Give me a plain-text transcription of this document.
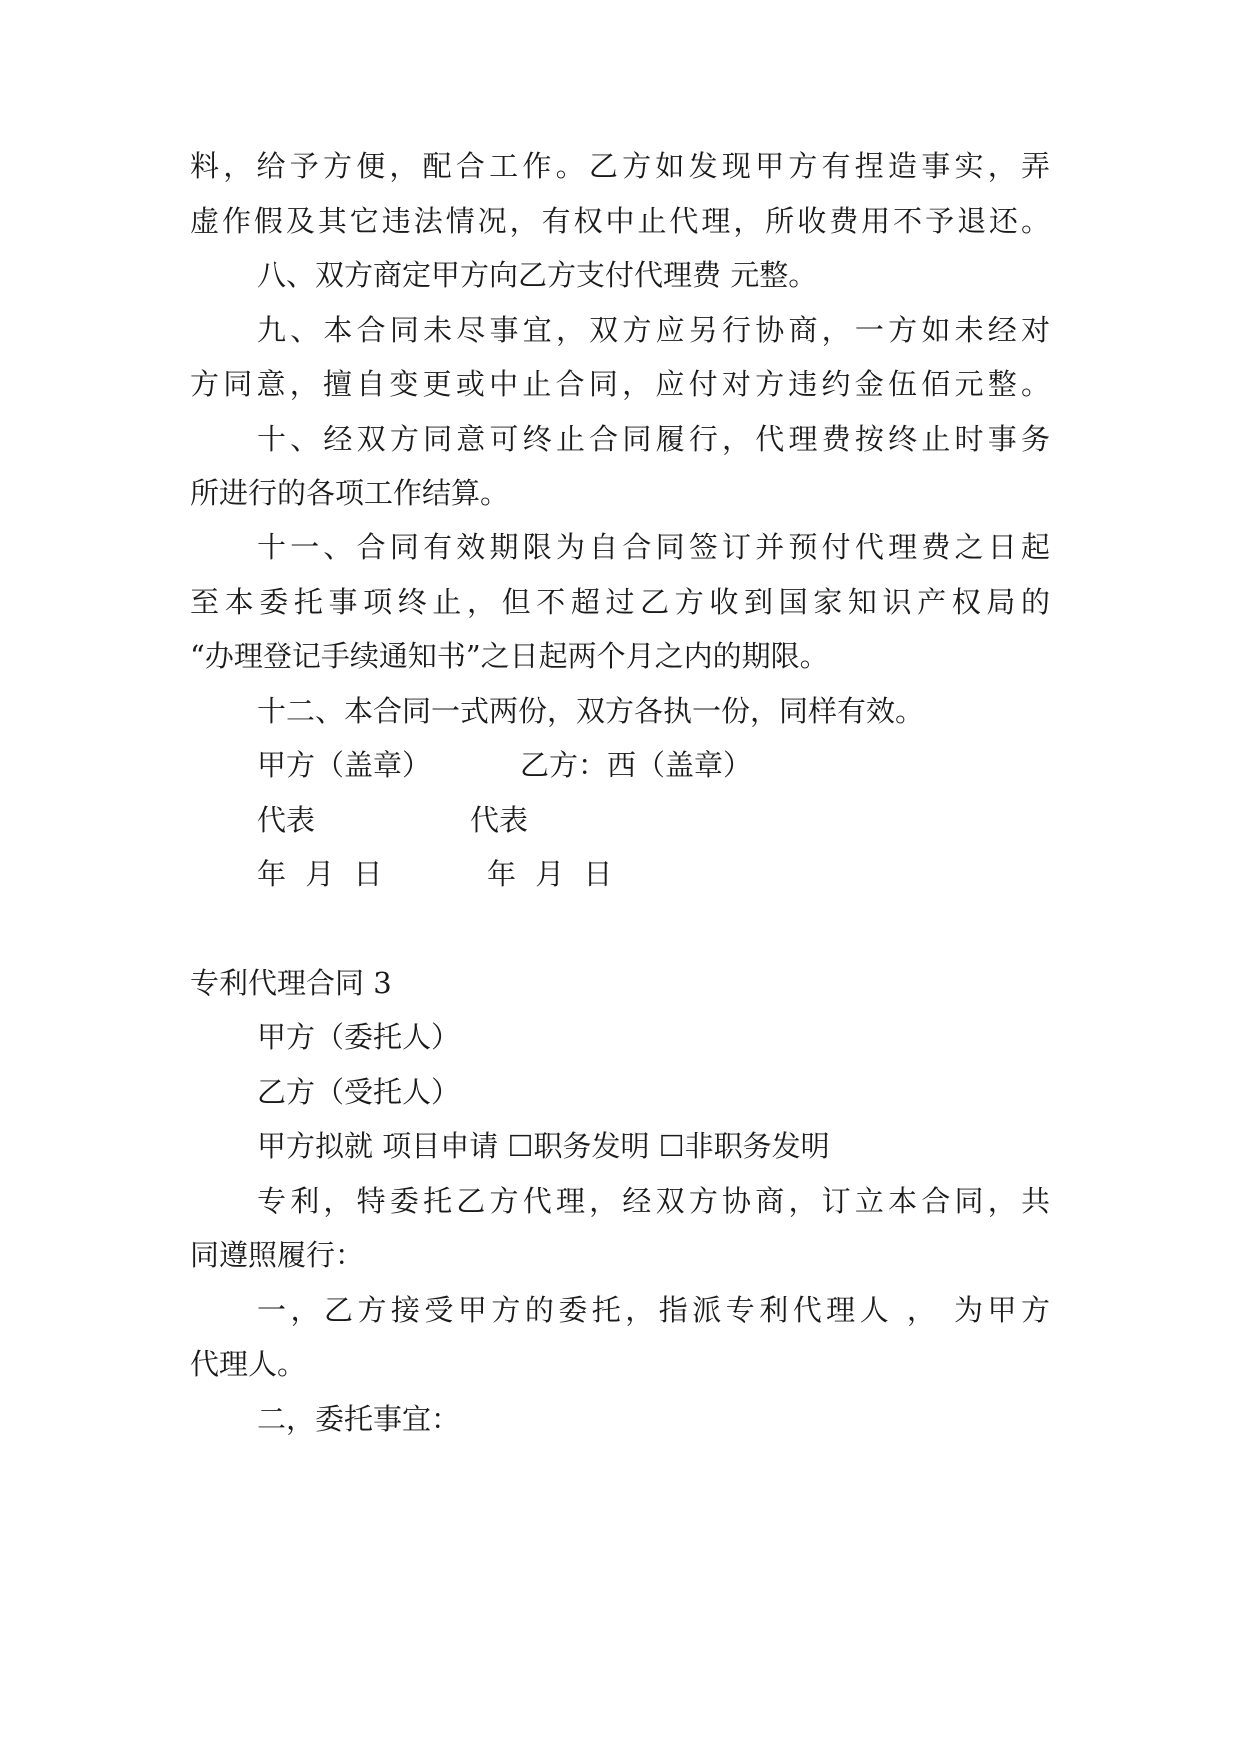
料，给予方便，配合工作。乙方如发现甲方有捏造事实，弄
虚作假及其它违法情况，有权中止代理，所收费用不予退还。
八、双方商定甲方向乙方支付代理费 元整。
九、本合同未尽事宜，双方应另行协商，一方如未经对
方同意，擅自变更或中止合同，应付对方违约金伍佰元整。
十、经双方同意可终止合同履行，代理费按终止时事务
所进行的各项工作结算。
十一、合同有效期限为自合同签订并预付代理费之日起
至本委托事项终止，但不超过乙方收到国家知识产权局的
“办理登记手续通知书”之日起两个月之内的期限。
十二、本合同一式两份，双方各执一份，同样有效。
甲方（盖章）	乙方：西（盖章）
代表	代表
年 月 日	年 月 日
专利代理合同 3
甲方（委托人）
乙方（受托人）
甲方拟就 项目申请 ☐职务发明 ☐非职务发明
专利，特委托乙方代理，经双方协商，订立本合同，共
同遵照履行：
一，乙方接受甲方的委托，指派专利代理人 ， 为甲方
代理人。
二，委托事宜：
